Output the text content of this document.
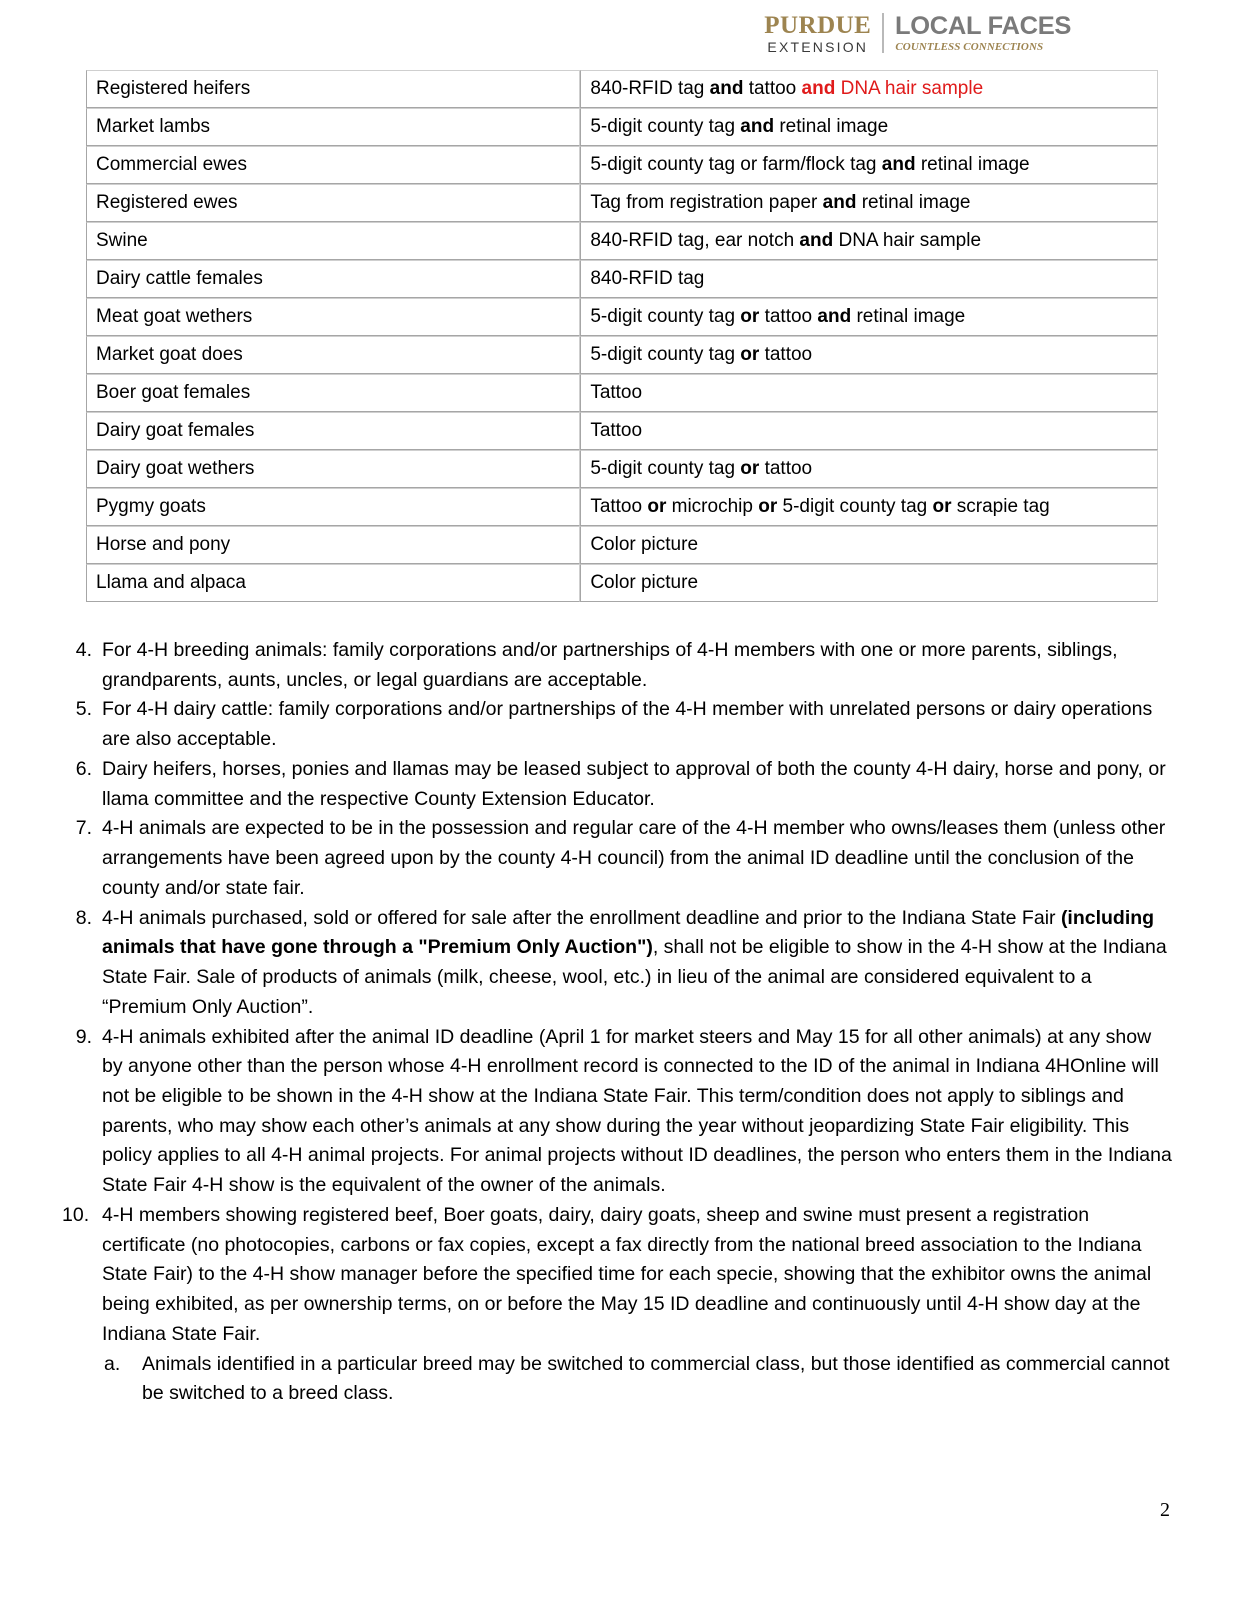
PURDUE
EXTENSION
LOCAL FACES
COUNTLESS CONNECTIONS
Registered heifers	840-RFID tag and tattoo and DNA hair sample
Market lambs	5-digit county tag and retinal image
Commercial ewes	5-digit county tag or farm/flock tag and retinal image
Registered ewes	Tag from registration paper and retinal image
Swine	840-RFID tag, ear notch and DNA hair sample
Dairy cattle females	840-RFID tag
Meat goat wethers	5-digit county tag or tattoo and retinal image
Market goat does	5-digit county tag or tattoo
Boer goat females	Tattoo
Dairy goat females	Tattoo
Dairy goat wethers	5-digit county tag or tattoo
Pygmy goats	Tattoo or microchip or 5-digit county tag or scrapie tag
Horse and pony	Color picture
Llama and alpaca	Color picture
4. For 4-H breeding animals: family corporations and/or partnerships of 4-H members with one or more parents, siblings, grandparents, aunts, uncles, or legal guardians are acceptable.
5. For 4-H dairy cattle: family corporations and/or partnerships of the 4-H member with unrelated persons or dairy operations are also acceptable.
6. Dairy heifers, horses, ponies and llamas may be leased subject to approval of both the county 4-H dairy, horse and pony, or llama committee and the respective County Extension Educator.
7. 4-H animals are expected to be in the possession and regular care of the 4-H member who owns/leases them (unless other arrangements have been agreed upon by the county 4-H council) from the animal ID deadline until the conclusion of the county and/or state fair.
8. 4-H animals purchased, sold or offered for sale after the enrollment deadline and prior to the Indiana State Fair (including animals that have gone through a "Premium Only Auction"), shall not be eligible to show in the 4-H show at the Indiana State Fair. Sale of products of animals (milk, cheese, wool, etc.) in lieu of the animal are considered equivalent to a “Premium Only Auction”.
9. 4-H animals exhibited after the animal ID deadline (April 1 for market steers and May 15 for all other animals) at any show by anyone other than the person whose 4-H enrollment record is connected to the ID of the animal in Indiana 4HOnline will not be eligible to be shown in the 4-H show at the Indiana State Fair. This term/condition does not apply to siblings and parents, who may show each other’s animals at any show during the year without jeopardizing State Fair eligibility. This policy applies to all 4-H animal projects. For animal projects without ID deadlines, the person who enters them in the Indiana State Fair 4-H show is the equivalent of the owner of the animals.
10. 4-H members showing registered beef, Boer goats, dairy, dairy goats, sheep and swine must present a registration certificate (no photocopies, carbons or fax copies, except a fax directly from the national breed association to the Indiana State Fair) to the 4-H show manager before the specified time for each specie, showing that the exhibitor owns the animal being exhibited, as per ownership terms, on or before the May 15 ID deadline and continuously until 4-H show day at the Indiana State Fair.
a.	Animals identified in a particular breed may be switched to commercial class, but those identified as commercial cannot be switched to a breed class.
2
